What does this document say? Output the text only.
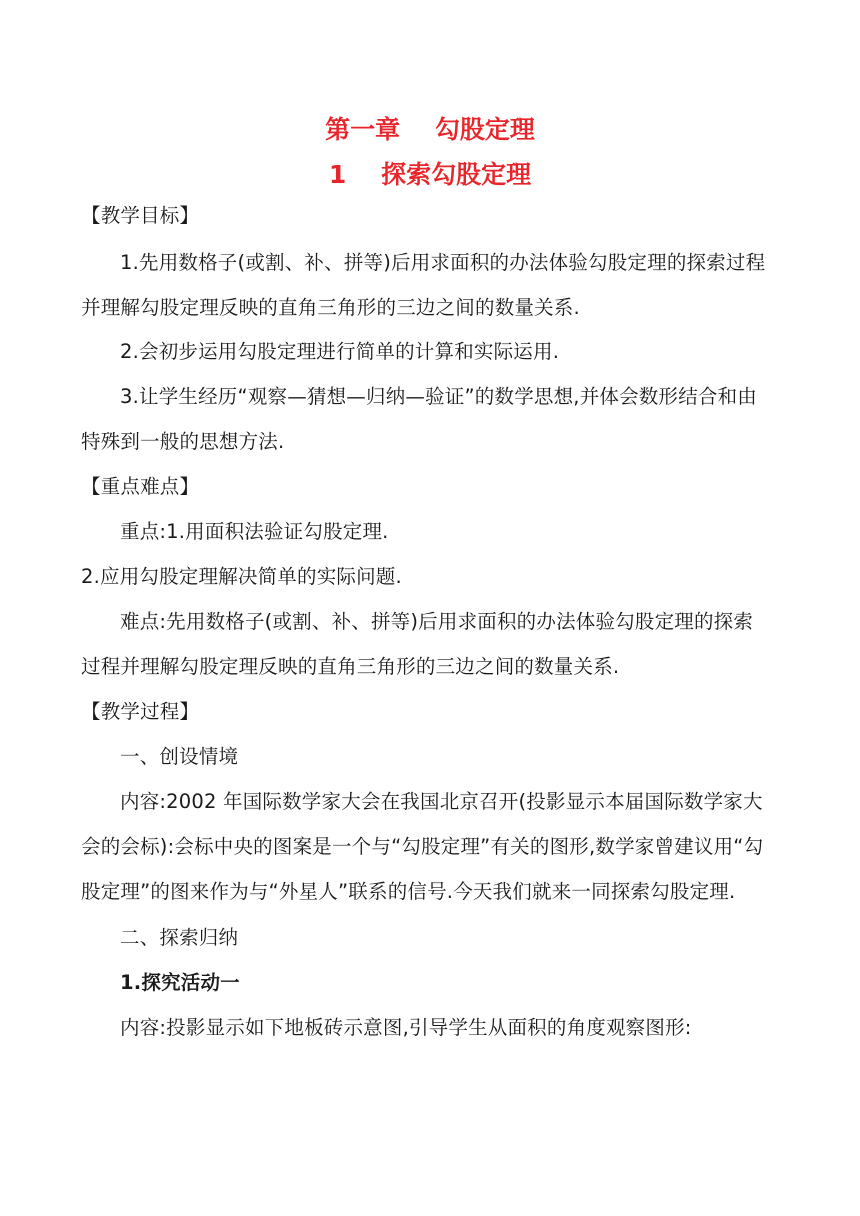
第一章    勾股定理
1    探索勾股定理
【教学目标】
1.先用数格子(或割、补、拼等)后用求面积的办法体验勾股定理的探索过程
并理解勾股定理反映的直角三角形的三边之间的数量关系.
2.会初步运用勾股定理进行简单的计算和实际运用.
3.让学生经历“观察—猜想—归纳—验证”的数学思想,并体会数形结合和由
特殊到一般的思想方法.
【重点难点】
重点:1.用面积法验证勾股定理.
2.应用勾股定理解决简单的实际问题.
难点:先用数格子(或割、补、拼等)后用求面积的办法体验勾股定理的探索
过程并理解勾股定理反映的直角三角形的三边之间的数量关系.
【教学过程】
一、创设情境
内容:2002 年国际数学家大会在我国北京召开(投影显示本届国际数学家大
会的会标):会标中央的图案是一个与“勾股定理”有关的图形,数学家曾建议用“勾
股定理”的图来作为与“外星人”联系的信号.今天我们就来一同探索勾股定理.
二、探索归纳
1.探究活动一
内容:投影显示如下地板砖示意图,引导学生从面积的角度观察图形:
